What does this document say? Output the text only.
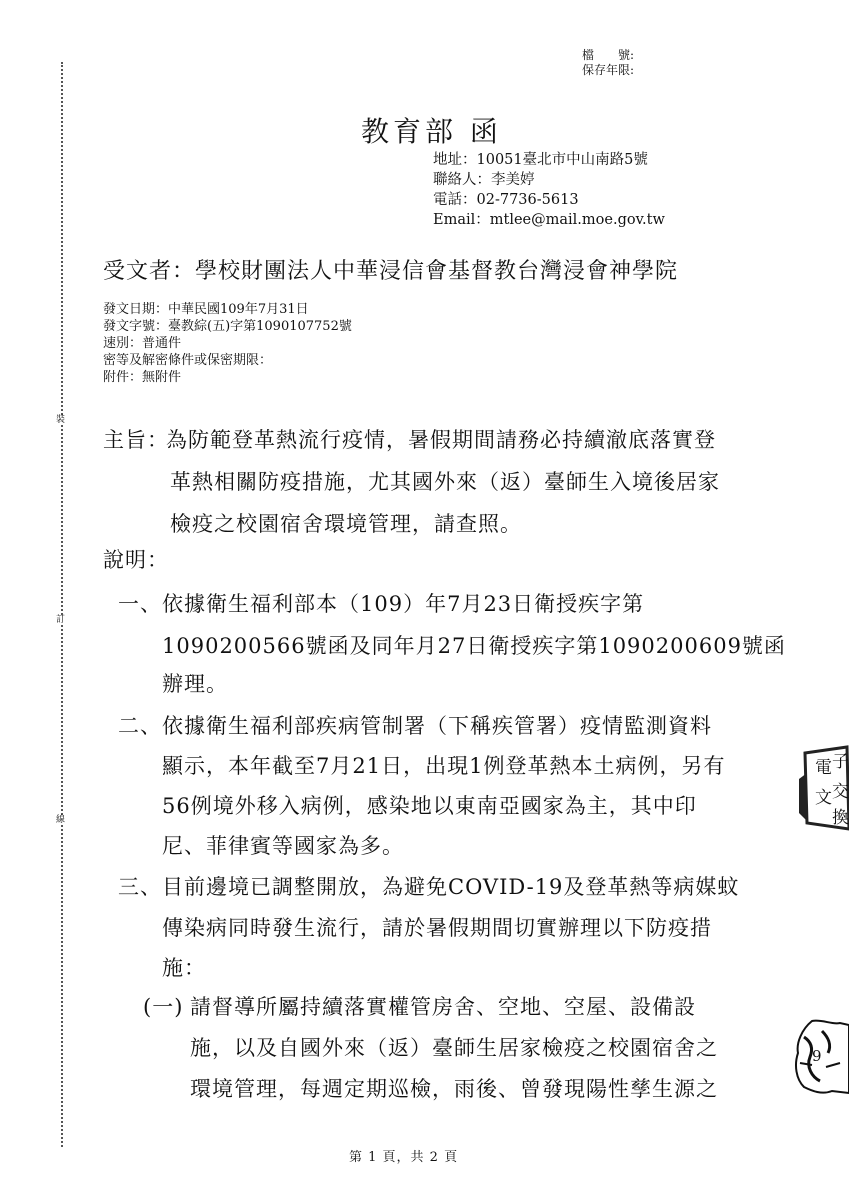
裝
訂
線
檔　　號:
保存年限:
教育部 函
地址：10051臺北市中山南路5號
聯絡人：李美婷
電話：02-7736-5613
Email：mtlee@mail.moe.gov.tw
受文者：學校財團法人中華浸信會基督教台灣浸會神學院
發文日期：中華民國109年7月31日
發文字號：臺教綜(五)字第1090107752號
速別：普通件
密等及解密條件或保密期限：
附件：無附件
主旨：
為防範登革熱流行疫情，暑假期間請務必持續澈底落實登
革熱相關防疫措施，尤其國外來（返）臺師生入境後居家
檢疫之校園宿舍環境管理，請查照。
說明：
一、 依據衛生福利部本（109）年7月23日衛授疾字第
1090200566號函及同年月27日衛授疾字第1090200609號函
辦理。
二、 依據衛生福利部疾病管制署（下稱疾管署）疫情監測資料
顯示，本年截至7月21日，出現1例登革熱本土病例，另有
56例境外移入病例，感染地以東南亞國家為主，其中印
尼、菲律賓等國家為多。
三、 目前邊境已調整開放，為避免COVID-19及登革熱等病媒蚊
傳染病同時發生流行，請於暑假期間切實辦理以下防疫措
施：
(一) 請督導所屬持續落實權管房舍、空地、空屋、設備設
施，以及自國外來（返）臺師生居家檢疫之校園宿舍之
環境管理，每週定期巡檢，雨後、曾發現陽性孳生源之
電 子
文 交
換
9
第 1 頁，共 2 頁
